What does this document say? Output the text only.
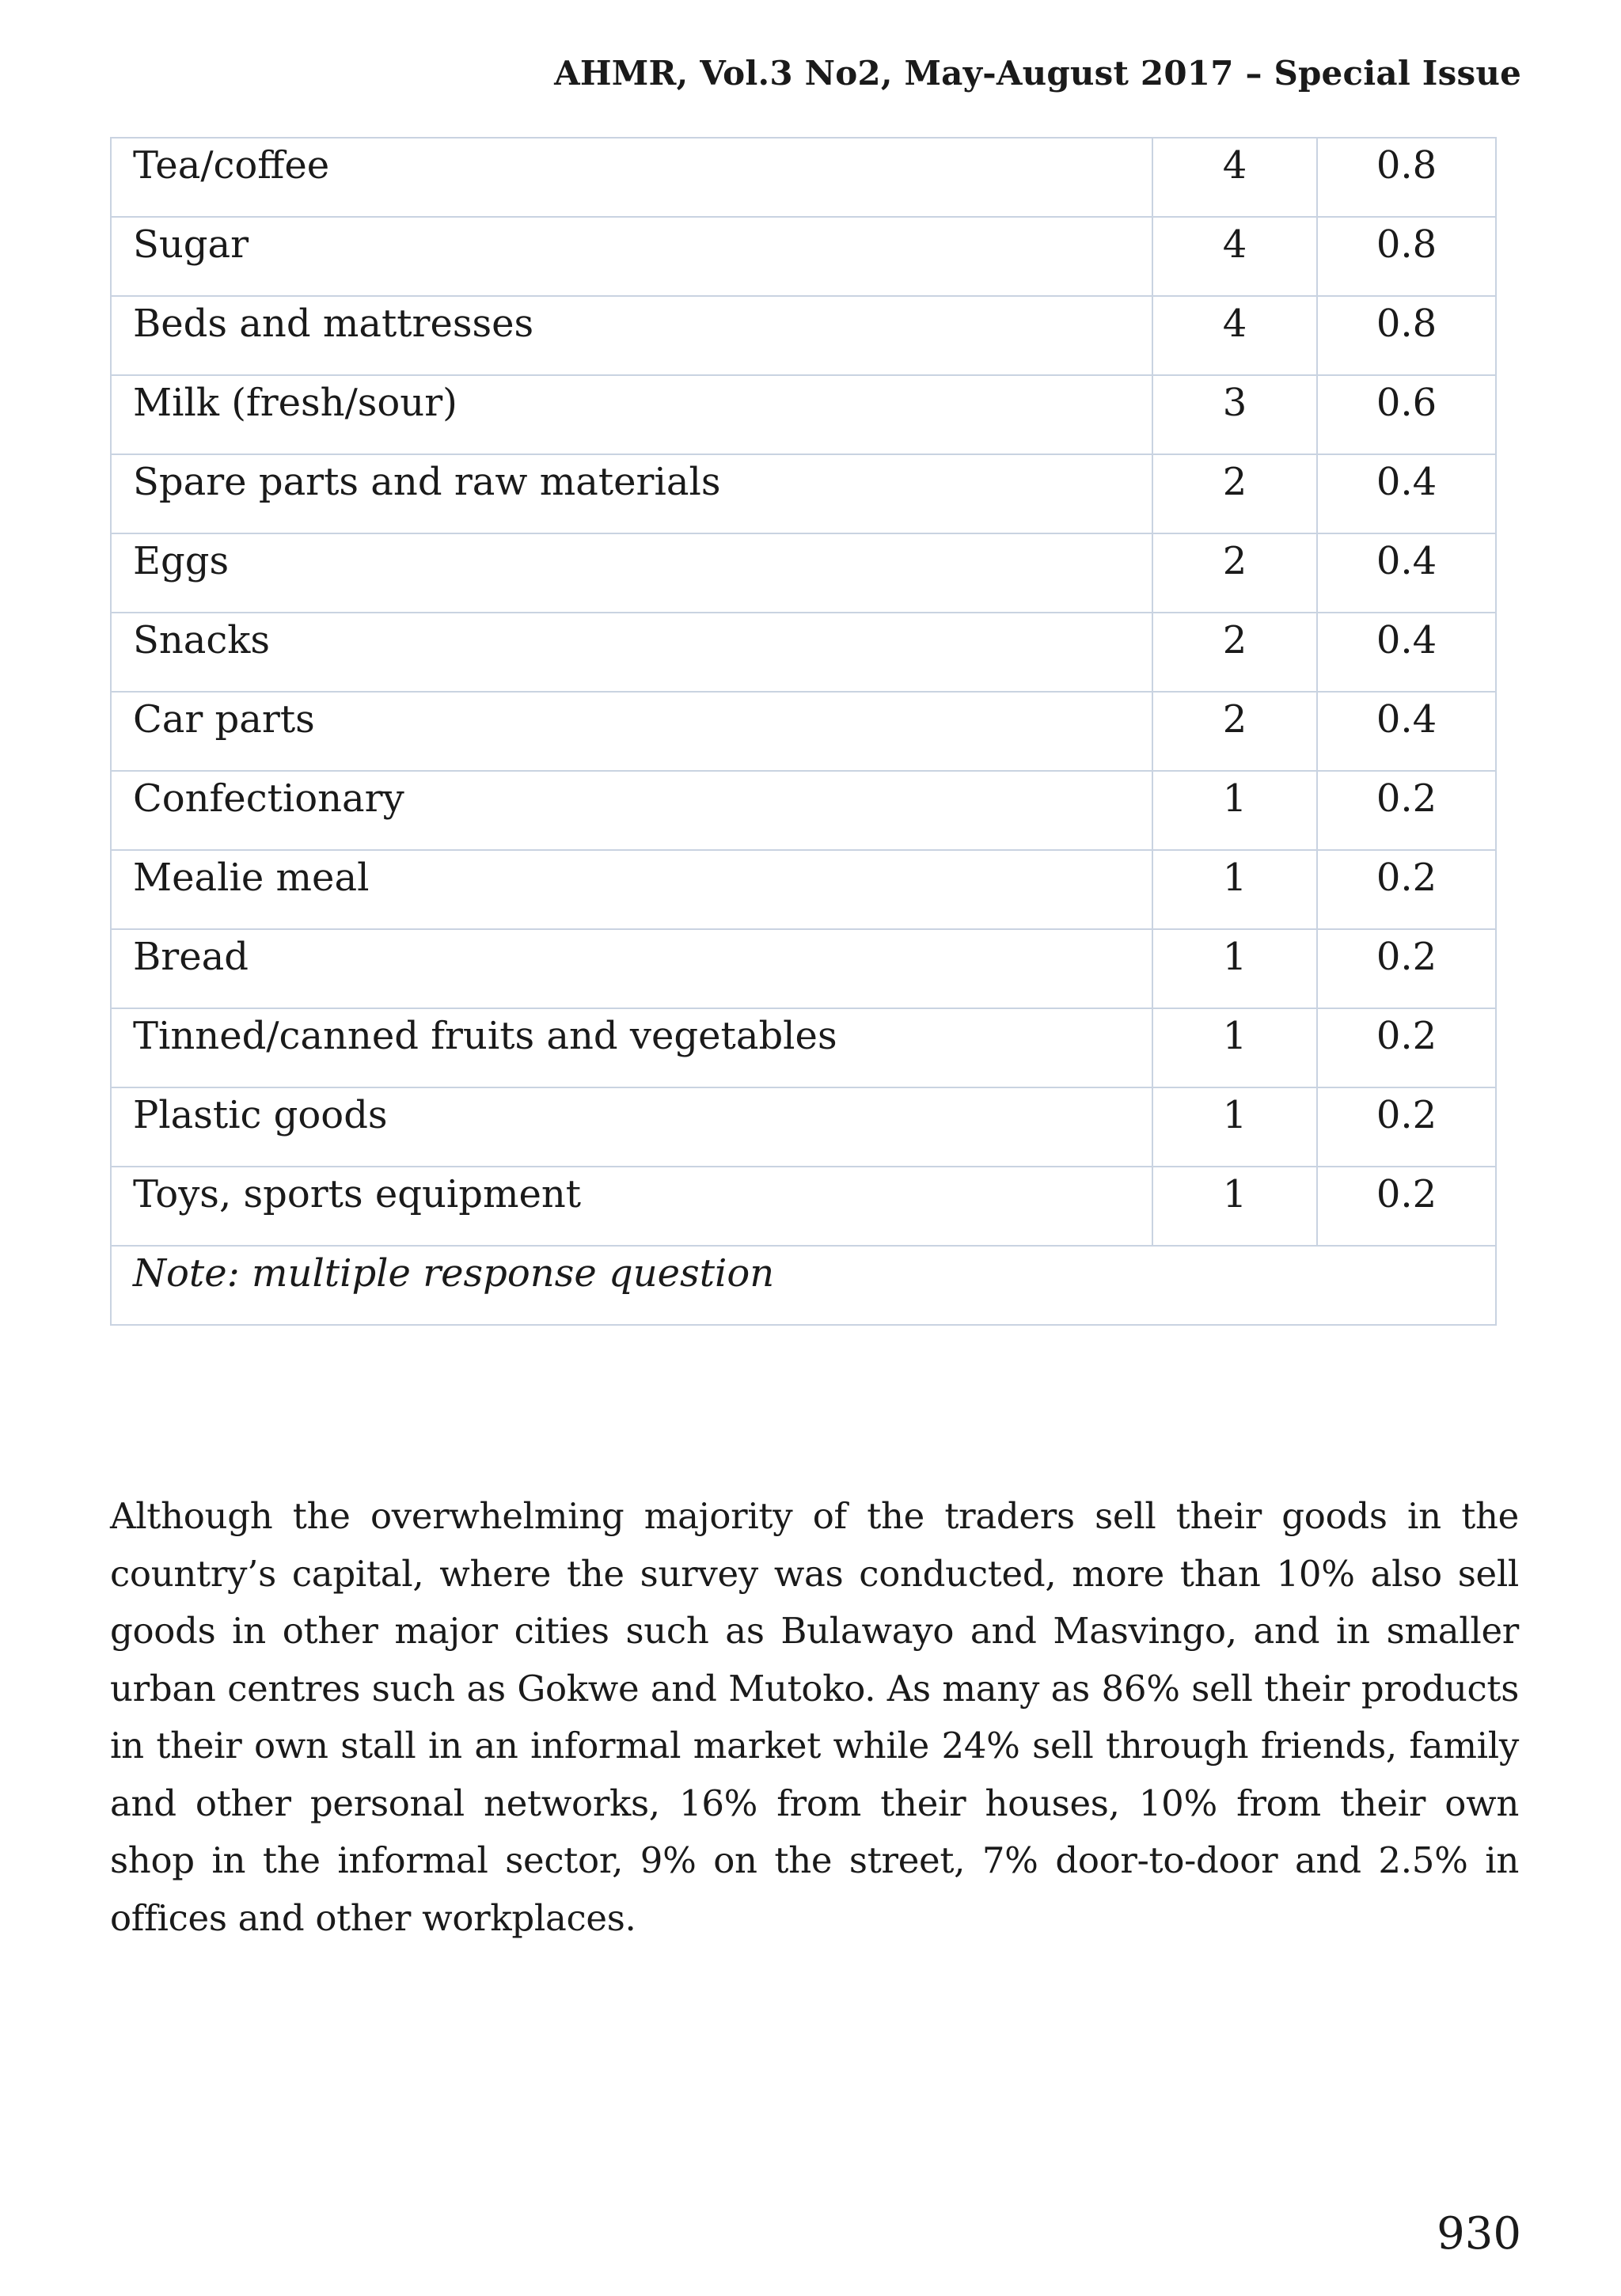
AHMR, Vol.3 No2, May-August 2017 – Special Issue
Tea/coffee	4	0.8
Sugar	4	0.8
Beds and mattresses	4	0.8
Milk (fresh/sour)	3	0.6
Spare parts and raw materials	2	0.4
Eggs	2	0.4
Snacks	2	0.4
Car parts	2	0.4
Confectionary	1	0.2
Mealie meal	1	0.2
Bread	1	0.2
Tinned/canned fruits and vegetables	1	0.2
Plastic goods	1	0.2
Toys, sports equipment	1	0.2
Note: multiple response question		

Although the overwhelming majority of the traders sell their goods in the country’s capital, where the survey was conducted, more than 10% also sell goods in other major cities such as Bulawayo and Masvingo, and in smaller urban centres such as Gokwe and Mutoko. As many as 86% sell their products in their own stall in an informal market while 24% sell through friends, family and other personal networks, 16% from their houses, 10% from their own shop in the informal sector, 9% on the street, 7% door-to-door and 2.5% in offices and other workplaces.

930
